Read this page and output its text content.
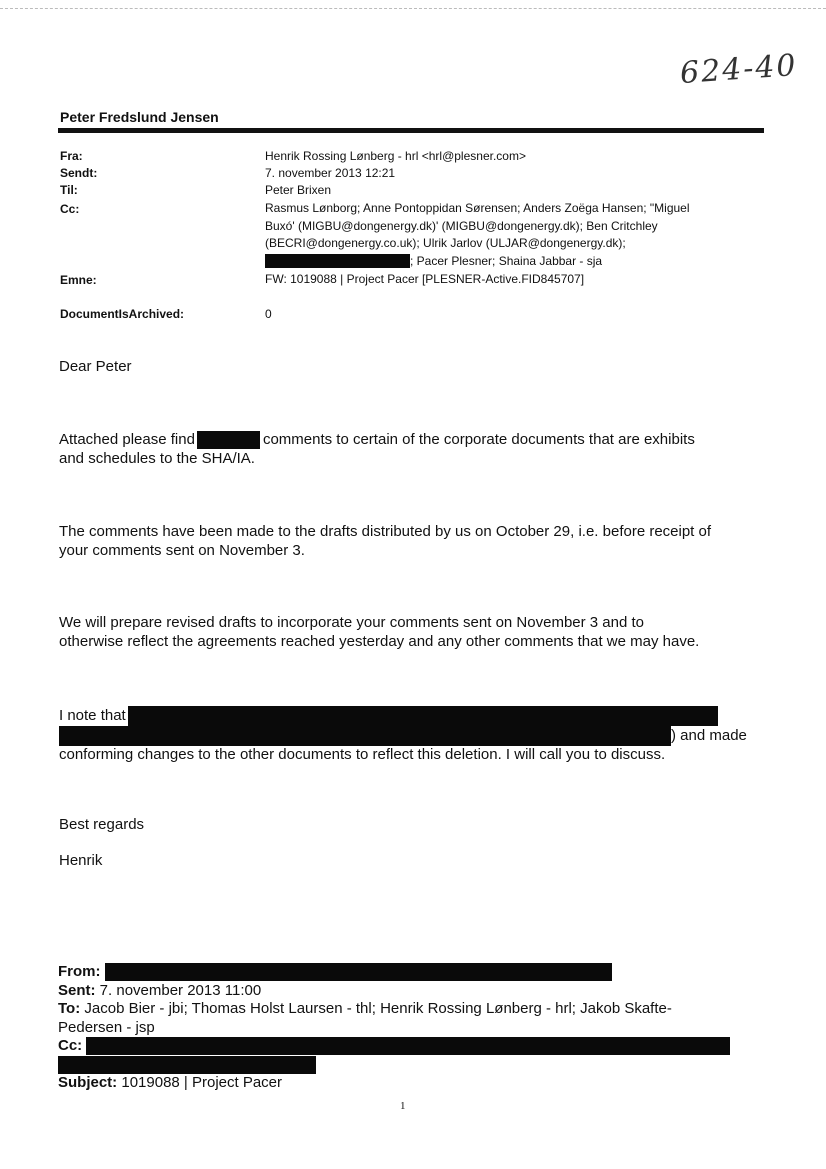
624-40
Peter Fredslund Jensen
Fra:	Henrik Rossing Lønberg - hrl <hrl@plesner.com>
Sendt:	7. november 2013 12:21
Til:	Peter Brixen
Cc:	Rasmus Lønborg; Anne Pontoppidan Sørensen; Anders Zoëga Hansen; "Miguel
Buxó' (MIGBU@dongenergy.dk)' (MIGBU@dongenergy.dk); Ben Critchley
(BECRI@dongenergy.co.uk); Ulrik Jarlov (ULJAR@dongenergy.dk);
; Pacer Plesner; Shaina Jabbar - sja
Emne:	FW: 1019088 | Project Pacer [PLESNER-Active.FID845707]
DocumentIsArchived:	0
Dear Peter
Attached please find	comments to certain of the corporate documents that are exhibits
and schedules to the SHA/IA.
The comments have been made to the drafts distributed by us on October 29, i.e. before receipt of
your comments sent on November 3.
We will prepare revised drafts to incorporate your comments sent on November 3 and to
otherwise reflect the agreements reached yesterday and any other comments that we may have.
I note that
) and made
conforming changes to the other documents to reflect this deletion. I will call you to discuss.
Best regards
Henrik
From:
Sent: 7. november 2013 11:00
To: Jacob Bier - jbi; Thomas Holst Laursen - thl; Henrik Rossing Lønberg - hrl; Jakob Skafte-
Pedersen - jsp
Cc:
Subject: 1019088 | Project Pacer
1
